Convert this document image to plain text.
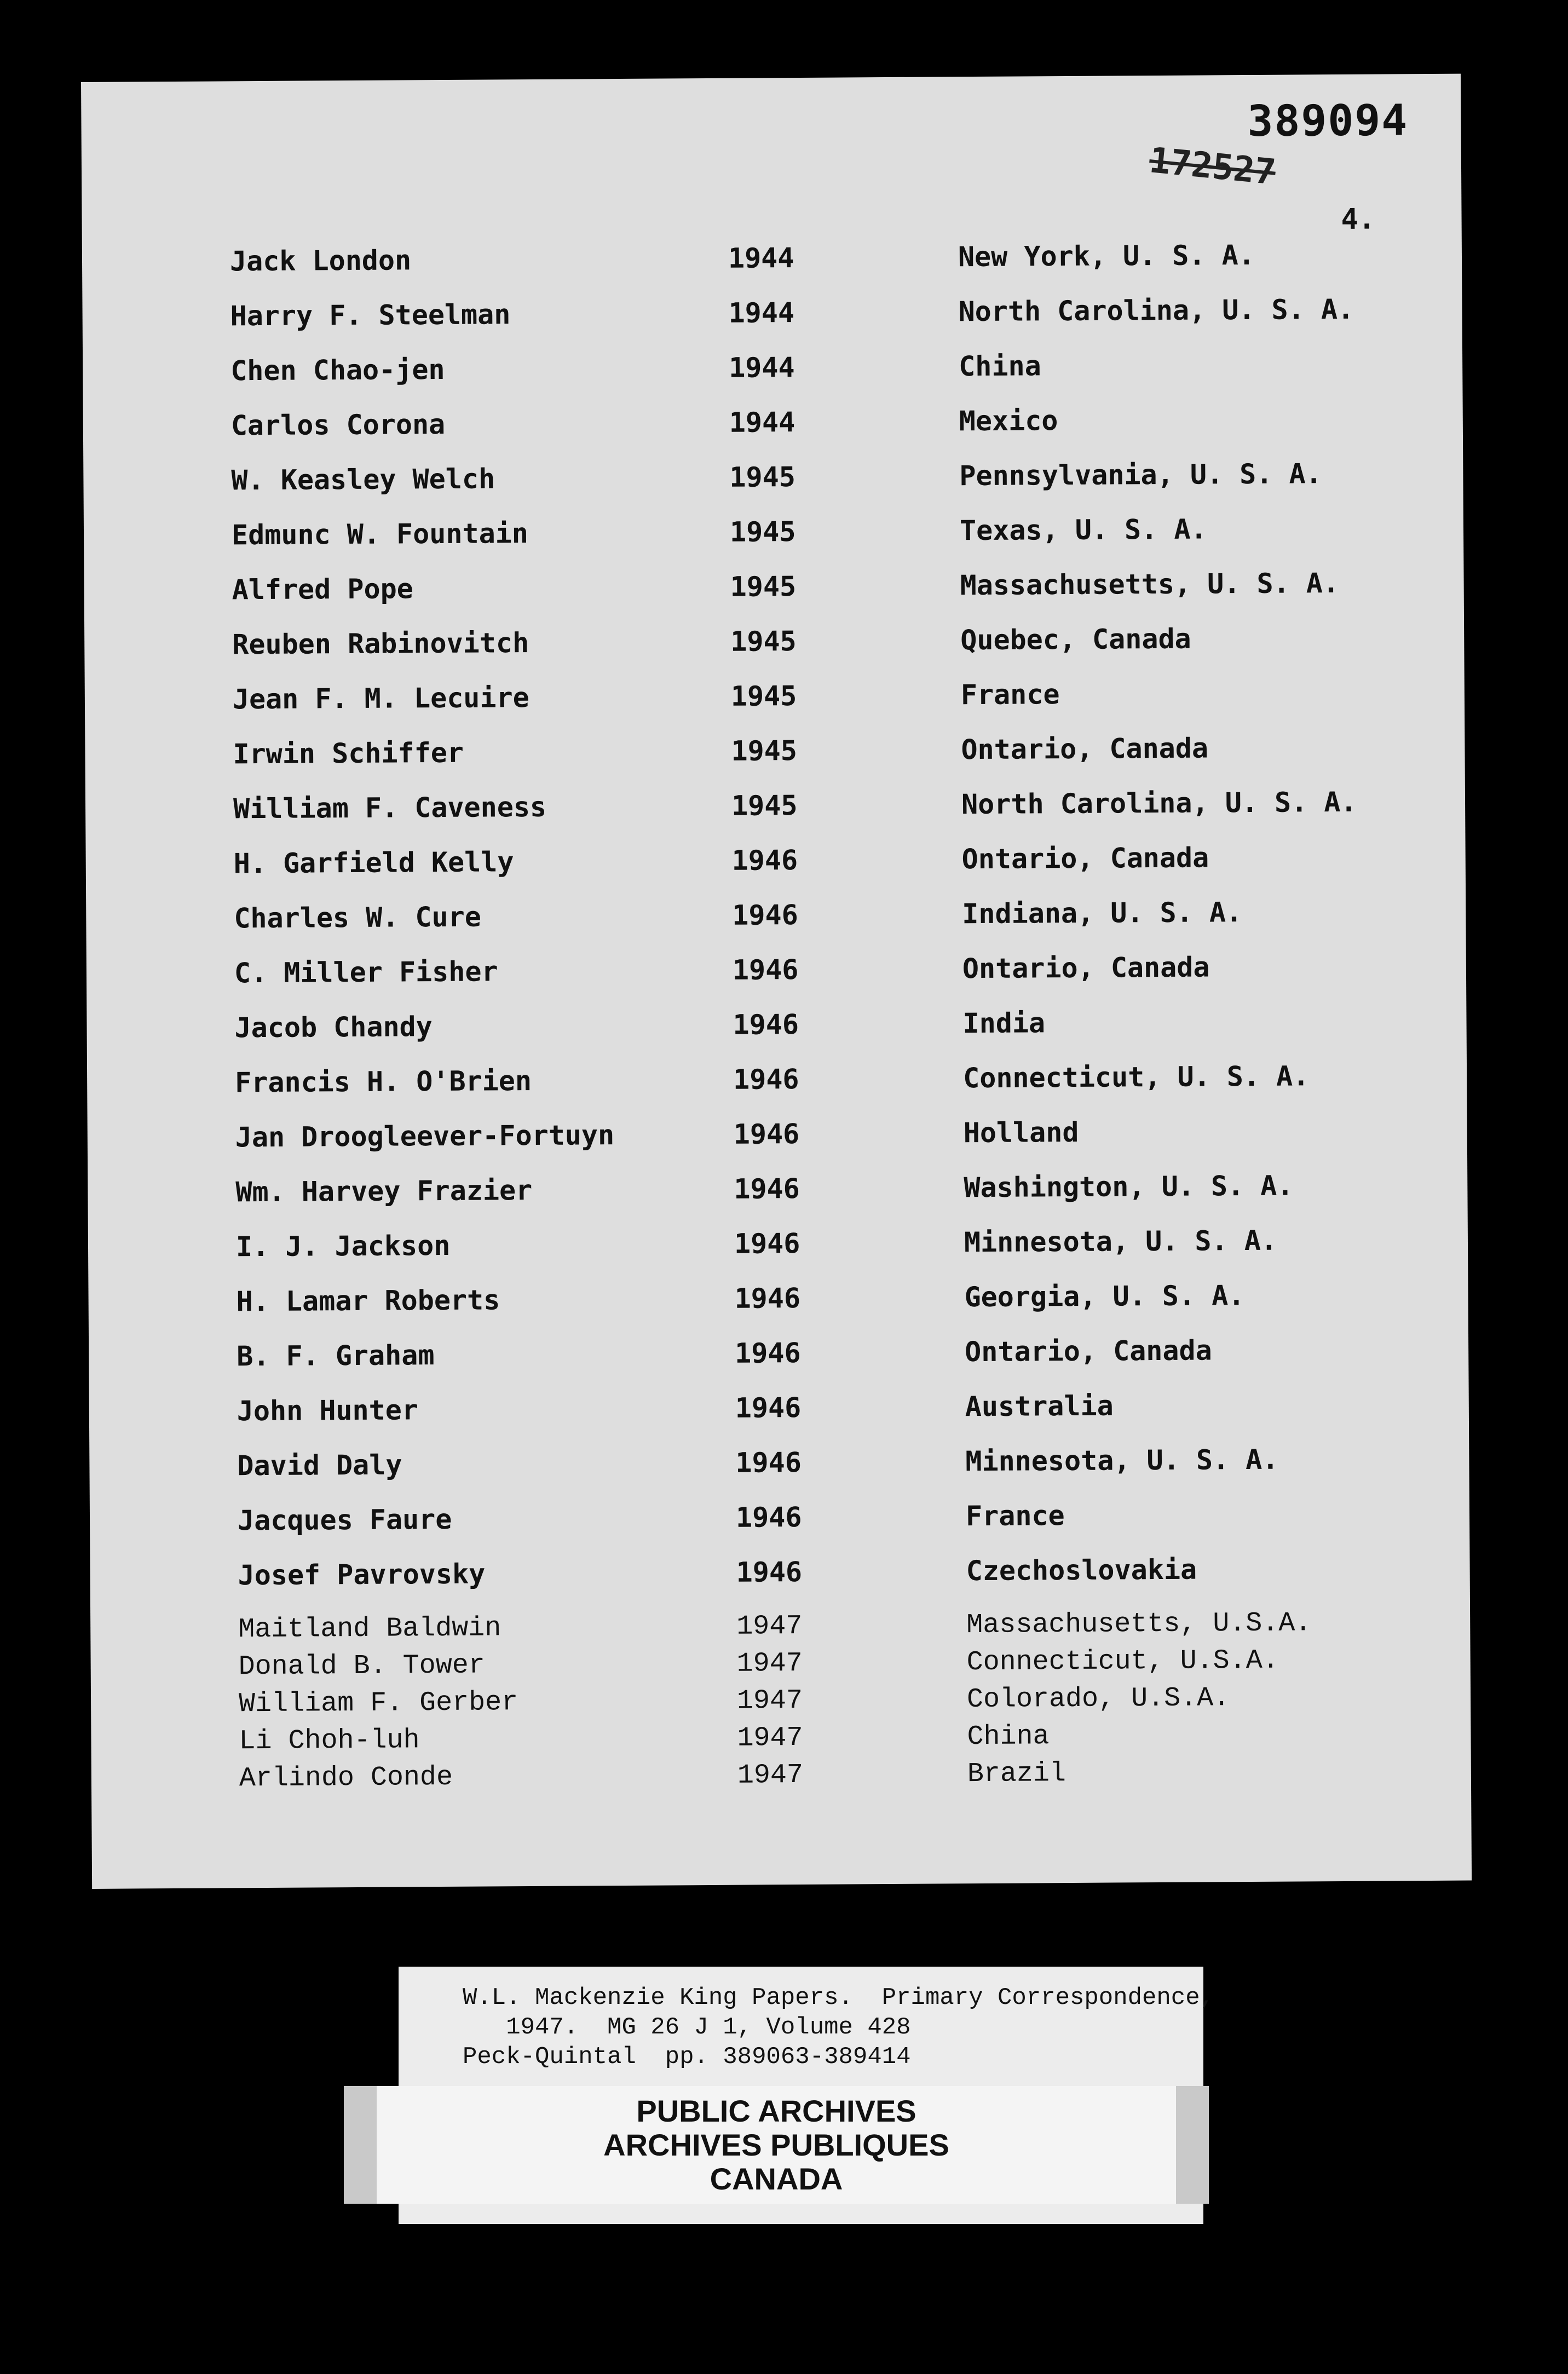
389094
172527
4.
Jack London	1944	New York, U. S. A.
Harry F. Steelman	1944	North Carolina, U. S. A.
Chen Chao-jen	1944	China
Carlos Corona	1944	Mexico
W. Keasley Welch	1945	Pennsylvania, U. S. A.
Edmunc W. Fountain	1945	Texas, U. S. A.
Alfred Pope	1945	Massachusetts, U. S. A.
Reuben Rabinovitch	1945	Quebec, Canada
Jean F. M. Lecuire	1945	France
Irwin Schiffer	1945	Ontario, Canada
William F. Caveness	1945	North Carolina, U. S. A.
H. Garfield Kelly	1946	Ontario, Canada
Charles W. Cure	1946	Indiana, U. S. A.
C. Miller Fisher	1946	Ontario, Canada
Jacob Chandy	1946	India
Francis H. O'Brien	1946	Connecticut, U. S. A.
Jan Droogleever-Fortuyn	1946	Holland
Wm. Harvey Frazier	1946	Washington, U. S. A.
I. J. Jackson	1946	Minnesota, U. S. A.
H. Lamar Roberts	1946	Georgia, U. S. A.
B. F. Graham	1946	Ontario, Canada
John Hunter	1946	Australia
David Daly	1946	Minnesota, U. S. A.
Jacques Faure	1946	France
Josef Pavrovsky	1946	Czechoslovakia
Maitland Baldwin	1947	Massachusetts, U.S.A.
Donald B. Tower	1947	Connecticut, U.S.A.
William F. Gerber	1947	Colorado, U.S.A.
Li Choh-luh	1947	China
Arlindo Conde	1947	Brazil
W.L. Mackenzie King Papers.  Primary Correspondence,
1947.  MG 26 J 1, Volume 428
Peck-Quintal  pp. 389063-389414
PUBLIC ARCHIVES
ARCHIVES PUBLIQUES
CANADA
